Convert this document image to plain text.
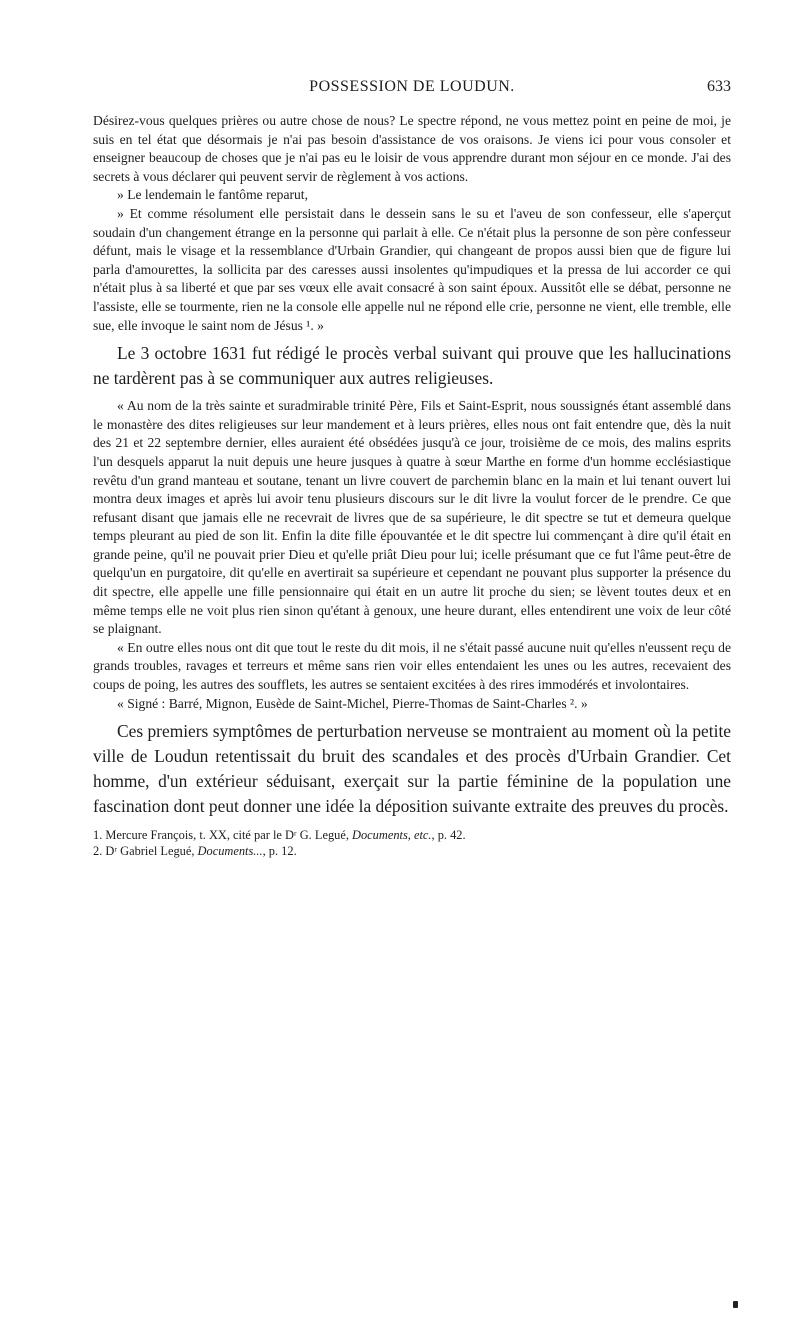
POSSESSION DE LOUDUN.	633

Désirez-vous quelques prières ou autre chose de nous? Le spectre répond, ne vous mettez point en peine de moi, je suis en tel état que désormais je n'ai pas besoin d'assistance de vos oraisons. Je viens ici pour vous consoler et enseigner beaucoup de choses que je n'ai pas eu le loisir de vous apprendre durant mon séjour en ce monde. J'ai des secrets à vous déclarer qui peuvent servir de règlement à vos actions.

» Le lendemain le fantôme reparut,

» Et comme résolument elle persistait dans le dessein sans le su et l'aveu de son confesseur, elle s'aperçut soudain d'un changement étrange en la personne qui parlait à elle. Ce n'était plus la personne de son père confesseur défunt, mais le visage et la ressemblance d'Urbain Grandier, qui changeant de propos aussi bien que de figure lui parla d'amourettes, la sollicita par des caresses aussi insolentes qu'impudiques et la pressa de lui accorder ce qui n'était plus à sa liberté et que par ses vœux elle avait consacré à son saint époux. Aussitôt elle se débat, personne ne l'assiste, elle se tourmente, rien ne la console elle appelle nul ne répond elle crie, personne ne vient, elle tremble, elle sue, elle invoque le saint nom de Jésus ¹. »

Le 3 octobre 1631 fut rédigé le procès verbal suivant qui prouve que les hallucinations ne tardèrent pas à se communiquer aux autres religieuses.

« Au nom de la très sainte et suradmirable trinité Père, Fils et Saint-Esprit, nous soussignés étant assemblé dans le monastère des dites religieuses sur leur mandement et à leurs prières, elles nous ont fait entendre que, dès la nuit des 21 et 22 septembre dernier, elles auraient été obsédées jusqu'à ce jour, troisième de ce mois, des malins esprits l'un desquels apparut la nuit depuis une heure jusques à quatre à sœur Marthe en forme d'un homme ecclésiastique revêtu d'un grand manteau et soutane, tenant un livre couvert de parchemin blanc en la main et lui tenant ouvert lui montra deux images et après lui avoir tenu plusieurs discours sur le dit livre la voulut forcer de le prendre. Ce que refusant disant que jamais elle ne recevrait de livres que de sa supérieure, le dit spectre se tut et demeura quelque temps pleurant au pied de son lit. Enfin la dite fille épouvantée et le dit spectre lui commençant à dire qu'il était en grande peine, qu'il ne pouvait prier Dieu et qu'elle priât Dieu pour lui; icelle présumant que ce fut l'âme peut-être de quelqu'un en purgatoire, dit qu'elle en avertirait sa supérieure et cependant ne pouvant plus supporter la présence du dit spectre, elle appelle une fille pensionnaire qui était en un autre lit proche du sien; se lèvent toutes deux et en même temps elle ne voit plus rien sinon qu'étant à genoux, une heure durant, elles entendirent une voix de leur côté se plaignant.

« En outre elles nous ont dit que tout le reste du dit mois, il ne s'était passé aucune nuit qu'elles n'eussent reçu de grands troubles, ravages et terreurs et même sans rien voir elles entendaient les unes ou les autres, recevaient des coups de poing, les autres des soufflets, les autres se sentaient excitées à des rires immodérés et involontaires.

« Signé : Barré, Mignon, Eusède de Saint-Michel, Pierre-Thomas de Saint-Charles ². »

Ces premiers symptômes de perturbation nerveuse se montraient au moment où la petite ville de Loudun retentissait du bruit des scandales et des procès d'Urbain Grandier. Cet homme, d'un extérieur séduisant, exerçait sur la partie féminine de la population une fascination dont peut donner une idée la déposition suivante extraite des preuves du procès.

1. Mercure François, t. XX, cité par le Dʳ G. Legué, Documents, etc., p. 42.

2. Dʳ Gabriel Legué, Documents..., p. 12.
